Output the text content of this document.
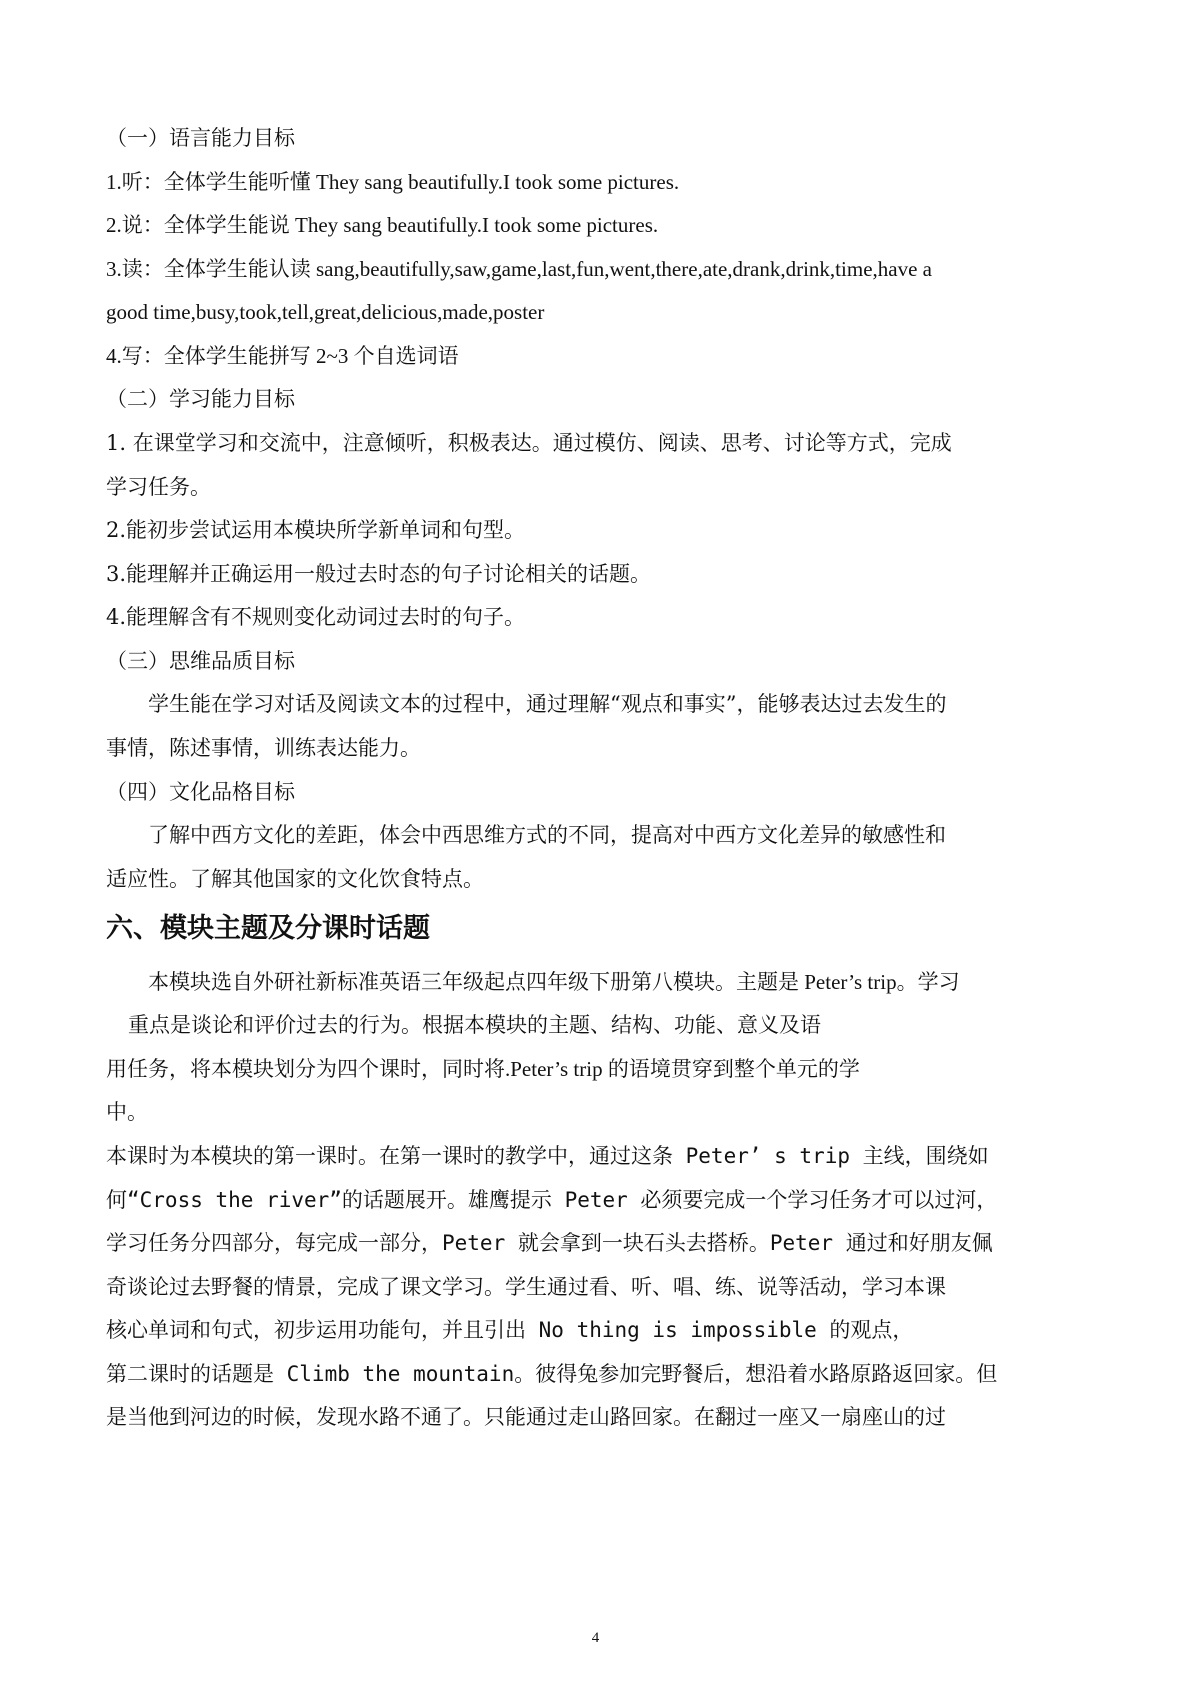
（一）语言能力目标
1.听：全体学生能听懂 They sang beautifully.I took some pictures.
2.说：全体学生能说 They sang beautifully.I took some pictures.
3.读：全体学生能认读 sang,beautifully,saw,game,last,fun,went,there,ate,drank,drink,time,have a
good time,busy,took,tell,great,delicious,made,poster
4.写：全体学生能拼写 2~3 个自选词语
（二）学习能力目标
1. 在课堂学习和交流中，注意倾听，积极表达。通过模仿、阅读、思考、讨论等方式，完成
学习任务。
2.能初步尝试运用本模块所学新单词和句型。
3.能理解并正确运用一般过去时态的句子讨论相关的话题。
4.能理解含有不规则变化动词过去时的句子。
（三）思维品质目标
学生能在学习对话及阅读文本的过程中，通过理解“观点和事实”，能够表达过去发生的
事情，陈述事情，训练表达能力。
（四）文化品格目标
了解中西方文化的差距，体会中西思维方式的不同，提高对中西方文化差异的敏感性和
适应性。了解其他国家的文化饮食特点。
六、模块主题及分课时话题
本模块选自外研社新标准英语三年级起点四年级下册第八模块。主题是 Peter’s trip。学习
重点是谈论和评价过去的行为。根据本模块的主题、结构、功能、意义及语
用任务，将本模块划分为四个课时，同时将.Peter’s trip 的语境贯穿到整个单元的学
中。
本课时为本模块的第一课时。在第一课时的教学中，通过这条 Peter’ s trip 主线，围绕如
何“Cross the river”的话题展开。雄鹰提示 Peter 必须要完成一个学习任务才可以过河，
学习任务分四部分，每完成一部分，Peter 就会拿到一块石头去搭桥。Peter 通过和好朋友佩
奇谈论过去野餐的情景，完成了课文学习。学生通过看、听、唱、练、说等活动，学习本课
核心单词和句式，初步运用功能句，并且引出 No thing is impossible 的观点，
第二课时的话题是 Climb the mountain。彼得兔参加完野餐后，想沿着水路原路返回家。但
是当他到河边的时候，发现水路不通了。只能通过走山路回家。在翻过一座又一扇座山的过
4
